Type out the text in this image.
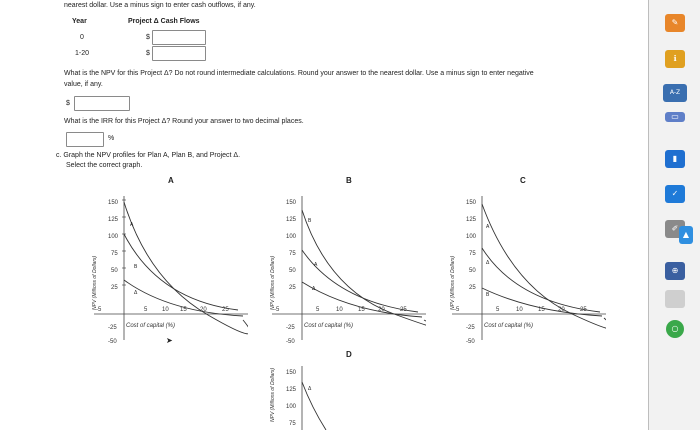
nearest dollar. Use a minus sign to enter cash outflows, if any.
Year	Project Δ Cash Flows
0	$
1-20	$
What is the NPV for this Project Δ? Do not round intermediate calculations. Round your answer to the nearest dollar. Use a minus sign to enter negative
value, if any.
$
What is the IRR for this Project Δ? Round your answer to two decimal places.
%
c. Graph the NPV profiles for Plan A, Plan B, and Project Δ.
Select the correct graph.
A	B	C
D
150
125
100
75
50
25
-25
-50
-5	5 10 15 20	25
Cost of capital (%)
NPV (Millions of Dollars)
A
B
Δ
150
125
100
75
50
25
-25
-50
-5	5	10	15 20	25
Cost of capital (%)
NPV (Millions of Dollars)
B
A
Δ
150
125
100
75
50
25
-25
-50
-5	5	10	15 20	25
Cost of capital (%)
NPV (Millions of Dollars)
A
Δ
B
150
125
100
75
NPV (Millions of Dollars)	Δ
➤
✎
ℹ
A-Z
▭
▮
✓
✐
▲
⊕
○
